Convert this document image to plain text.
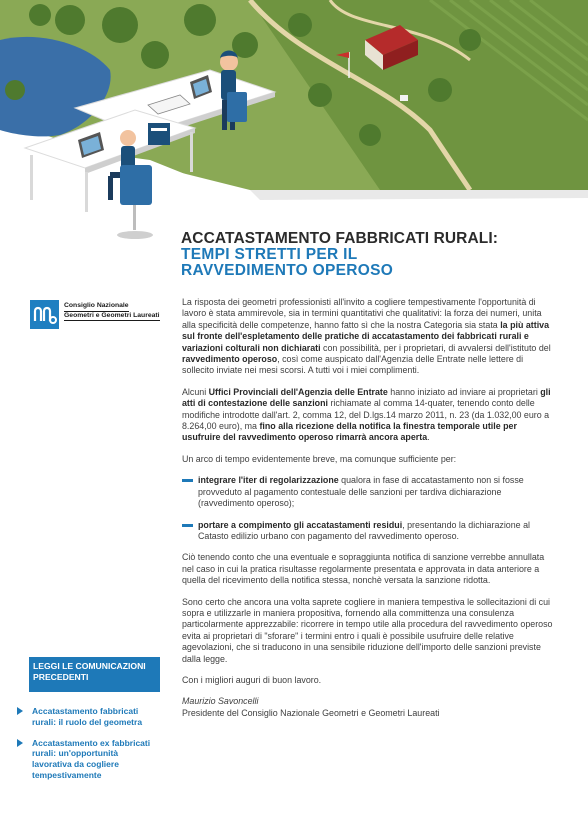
ACCATASTAMENTO FABBRICATI RURALI:
TEMPI STRETTI PER IL
RAVVEDIMENTO OPEROSO
Consiglio Nazionale
Geometri e Geometri Laureati

La risposta dei geometri professionisti all'invito a cogliere tempestivamente l'opportunità di lavoro è stata ammirevole, sia in termini quantitativi che qualitativi: la forza dei numeri, unita alla specificità delle competenze, hanno fatto sì che la nostra Categoria sia stata la più attiva sul fronte dell'espletamento delle pratiche di accatastamento dei fabbricati rurali e variazioni colturali non dichiarati con possibilità, per i proprietari, di avvalersi dell'istituto del ravvedimento operoso, così come auspicato dall'Agenzia delle Entrate nelle lettere di sollecito inviate nei mesi scorsi. A tutti voi i miei complimenti.

Alcuni Uffici Provinciali dell'Agenzia delle Entrate hanno iniziato ad inviare ai proprietari gli atti di contestazione delle sanzioni richiamate al comma 14-quater, tenendo conto delle modifiche introdotte dall'art. 2, comma 12, del D.lgs.14 marzo 2011, n. 23 (da 1.032,00 euro a 8.264,00 euro), ma fino alla ricezione della notifica la finestra temporale utile per usufruire del ravvedimento operoso rimarrà ancora aperta.

Un arco di tempo evidentemente breve, ma comunque sufficiente per:

integrare l'iter di regolarizzazione qualora in fase di accatastamento non si fosse provveduto al pagamento contestuale delle sanzioni per tardiva dichiarazione (ravvedimento operoso);
portare a compimento gli accatastamenti residui, presentando la dichiarazione al Catasto edilizio urbano con pagamento del ravvedimento operoso.

Ciò tenendo conto che una eventuale e sopraggiunta notifica di sanzione verrebbe annullata nel caso in cui la pratica risultasse regolarmente presentata e approvata in data anteriore a quella del ricevimento della notifica stessa, nonchè versata la sanzione ridotta.

Sono certo che ancora una volta saprete cogliere in maniera tempestiva le sollecitazioni di cui sopra e utilizzarle in maniera propositiva, fornendo alla committenza una consulenza particolarmente apprezzabile: ricorrere in tempo utile alla procedura del ravvedimento operoso evita ai proprietari di "sforare" i termini entro i quali è possibile usufruire delle relative agevolazioni, che si traducono in una sensibile riduzione dell'importo delle sanzioni previste dalla legge.

Con i migliori auguri di buon lavoro.

Maurizio Savoncelli
Presidente del Consiglio Nazionale Geometri e Geometri Laureati

LEGGI LE COMUNICAZIONI PRECEDENTI
Accatastamento fabbricati rurali: il ruolo del geometra
Accatastamento ex fabbricati rurali: un'opportunità lavorativa da cogliere tempestivamente
